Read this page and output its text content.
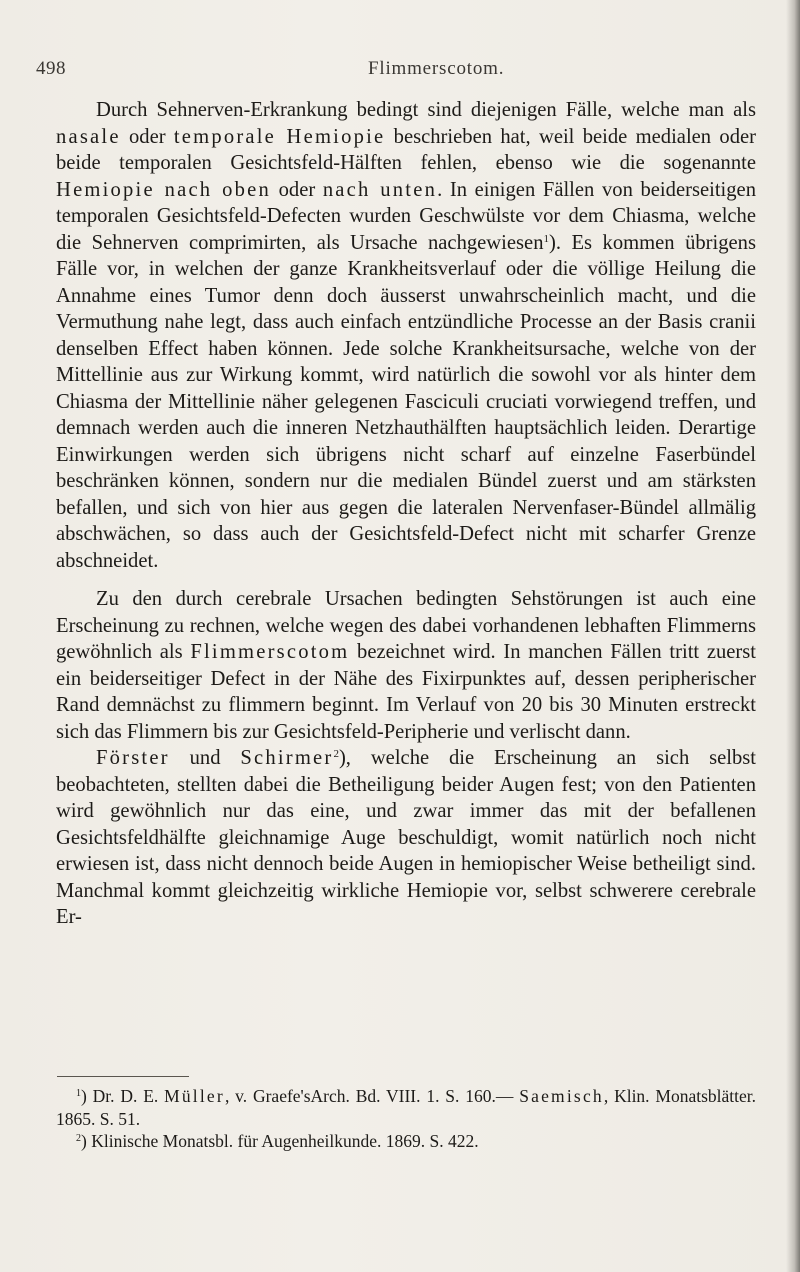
498	Flimmerscotom.

Durch Sehnerven-Erkrankung bedingt sind diejenigen Fälle, welche man als nasale oder temporale Hemiopie beschrieben hat, weil beide medialen oder beide temporalen Gesichtsfeld-Hälften fehlen, ebenso wie die sogenannte Hemiopie nach oben oder nach unten. In einigen Fällen von beiderseitigen temporalen Gesichtsfeld-Defecten wurden Geschwülste vor dem Chiasma, welche die Sehnerven comprimirten, als Ursache nachgewiesen$^1$). Es kommen übrigens Fälle vor, in welchen der ganze Krankheitsverlauf oder die völlige Heilung die Annahme eines Tumor denn doch äusserst unwahrscheinlich macht, und die Vermuthung nahe legt, dass auch einfach entzündliche Processe an der Basis cranii denselben Effect haben können. Jede solche Krankheitsursache, welche von der Mittellinie aus zur Wirkung kommt, wird natürlich die sowohl vor als hinter dem Chiasma der Mittellinie näher gelegenen Fasciculi cruciati vorwiegend treffen, und demnach werden auch die inneren Netzhauthälften hauptsächlich leiden. Derartige Einwirkungen werden sich übrigens nicht scharf auf einzelne Faserbündel beschränken können, sondern nur die medialen Bündel zuerst und am stärksten befallen, und sich von hier aus gegen die lateralen Nervenfaser-Bündel allmälig abschwächen, so dass auch der Gesichtsfeld-Defect nicht mit scharfer Grenze abschneidet.

Zu den durch cerebrale Ursachen bedingten Sehstörungen ist auch eine Erscheinung zu rechnen, welche wegen des dabei vorhandenen lebhaften Flimmerns gewöhnlich als Flimmerscotom bezeichnet wird. In manchen Fällen tritt zuerst ein beiderseitiger Defect in der Nähe des Fixirpunktes auf, dessen peripherischer Rand demnächst zu flimmern beginnt. Im Verlauf von 20 bis 30 Minuten erstreckt sich das Flimmern bis zur Gesichtsfeld-Peripherie und verlischt dann.

Förster und Schirmer$^2$), welche die Erscheinung an sich selbst beobachteten, stellten dabei die Betheiligung beider Augen fest; von den Patienten wird gewöhnlich nur das eine, und zwar immer das mit der befallenen Gesichtsfeldhälfte gleichnamige Auge beschuldigt, womit natürlich noch nicht erwiesen ist, dass nicht dennoch beide Augen in hemiopischer Weise betheiligt sind. Manchmal kommt gleichzeitig wirkliche Hemiopie vor, selbst schwerere cerebrale Er-

$^1$) Dr. D. E. Müller, v. Graefe'sArch. Bd. VIII. 1. S. 160.— Saemisch, Klin. Monatsblätter. 1865. S. 51.

$^2$) Klinische Monatsbl. für Augenheilkunde. 1869. S. 422.
